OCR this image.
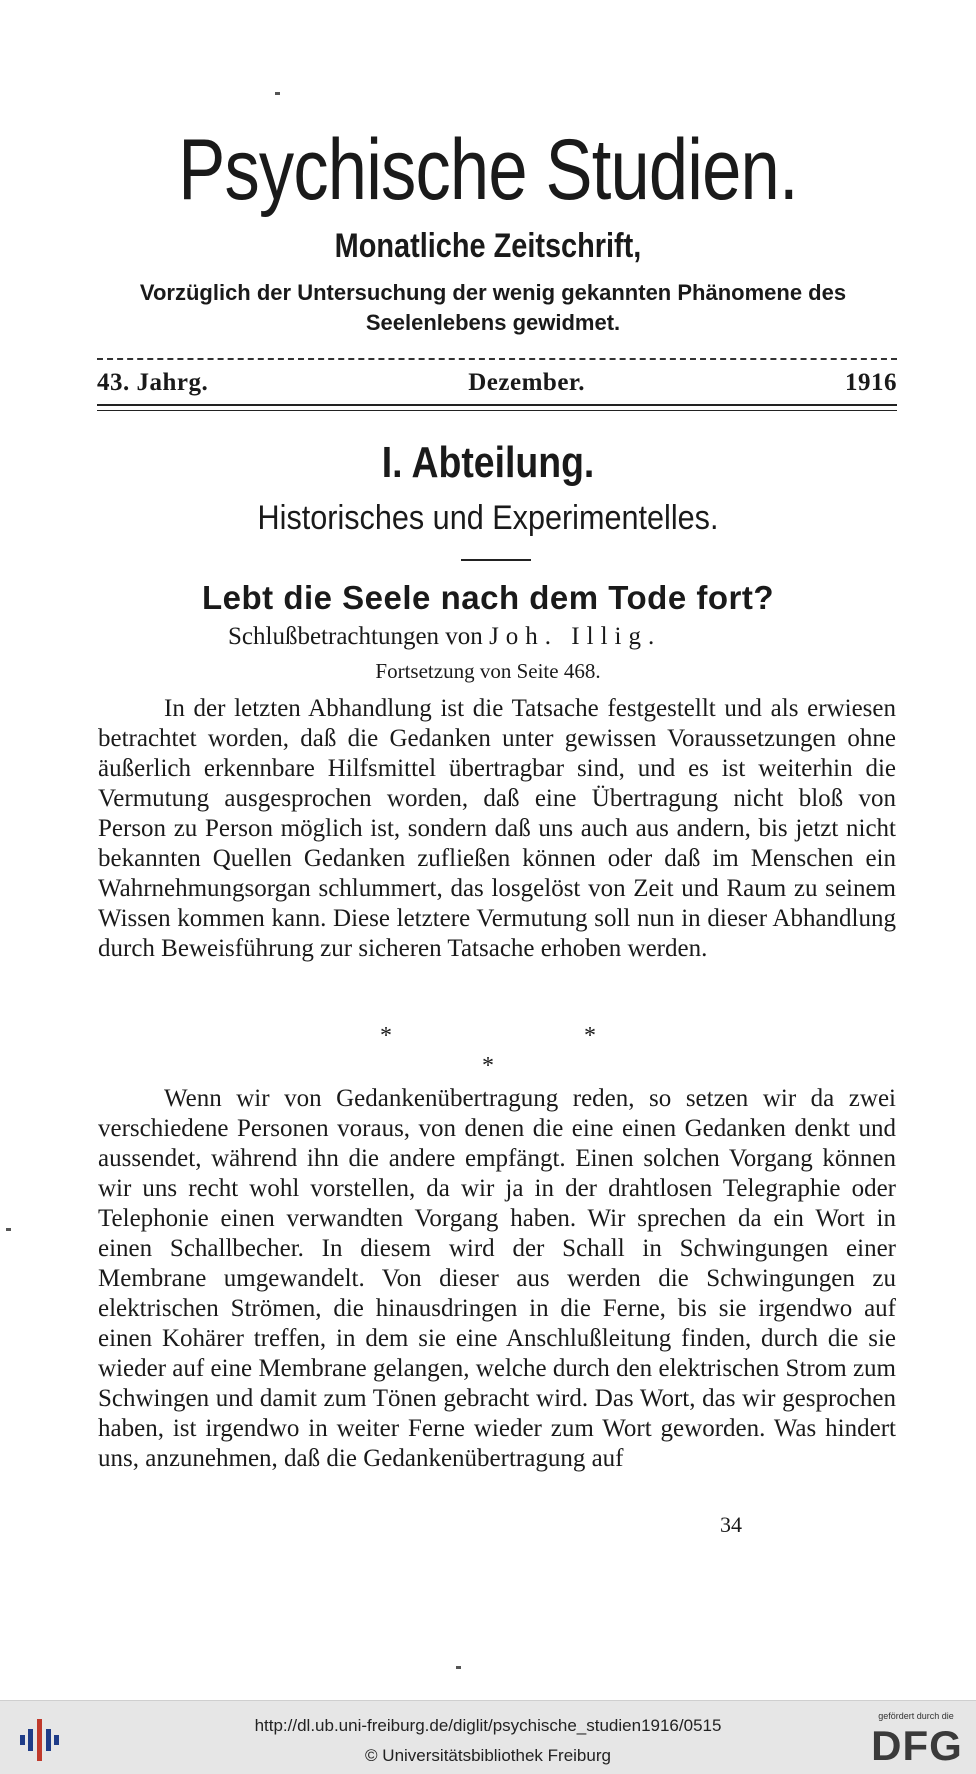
Psychische Studien.
Monatliche Zeitschrift,
Vorzüglich der Untersuchung der wenig gekannten Phänomene des
Seelenlebens gewidmet.
43. Jahrg.	Dezember.	1916
I. Abteilung.
Historisches und Experimentelles.
Lebt die Seele nach dem Tode fort?
Schlußbetrachtungen von Joh. Illig.
Fortsetzung von Seite 468.
In der letzten Abhandlung ist die Tatsache festgestellt und als erwiesen betrachtet worden, daß die Gedanken unter gewissen Voraussetzungen ohne äußerlich erkennbare Hilfsmittel übertragbar sind, und es ist weiterhin die Vermutung ausgesprochen worden, daß eine Übertragung nicht bloß von Person zu Person möglich ist, sondern daß uns auch aus andern, bis jetzt nicht bekannten Quellen Gedanken zufließen können oder daß im Menschen ein Wahrnehmungsorgan schlummert, das losgelöst von Zeit und Raum zu seinem Wissen kommen kann. Diese letztere Vermutung soll nun in dieser Abhandlung durch Beweisführung zur sicheren Tatsache erhoben werden.
*                                *
*
Wenn wir von Gedankenübertragung reden, so setzen wir da zwei verschiedene Personen voraus, von denen die eine einen Gedanken denkt und aussendet, während ihn die andere empfängt. Einen solchen Vorgang können wir uns recht wohl vorstellen, da wir ja in der drahtlosen Telegraphie oder Telephonie einen verwandten Vorgang haben. Wir sprechen da ein Wort in einen Schallbecher. In diesem wird der Schall in Schwingungen einer Membrane umgewandelt. Von dieser aus werden die Schwingungen zu elektrischen Strömen, die hinausdringen in die Ferne, bis sie irgendwo auf einen Kohärer treffen, in dem sie eine Anschlußleitung finden, durch die sie wieder auf eine Membrane gelangen, welche durch den elektrischen Strom zum Schwingen und damit zum Tönen gebracht wird. Das Wort, das wir gesprochen haben, ist irgendwo in weiter Ferne wieder zum Wort geworden. Was hindert uns, anzunehmen, daß die Gedankenübertragung auf
34
http://dl.ub.uni-freiburg.de/diglit/psychische_studien1916/0515
© Universitätsbibliothek Freiburg
gefördert durch die
DFG
